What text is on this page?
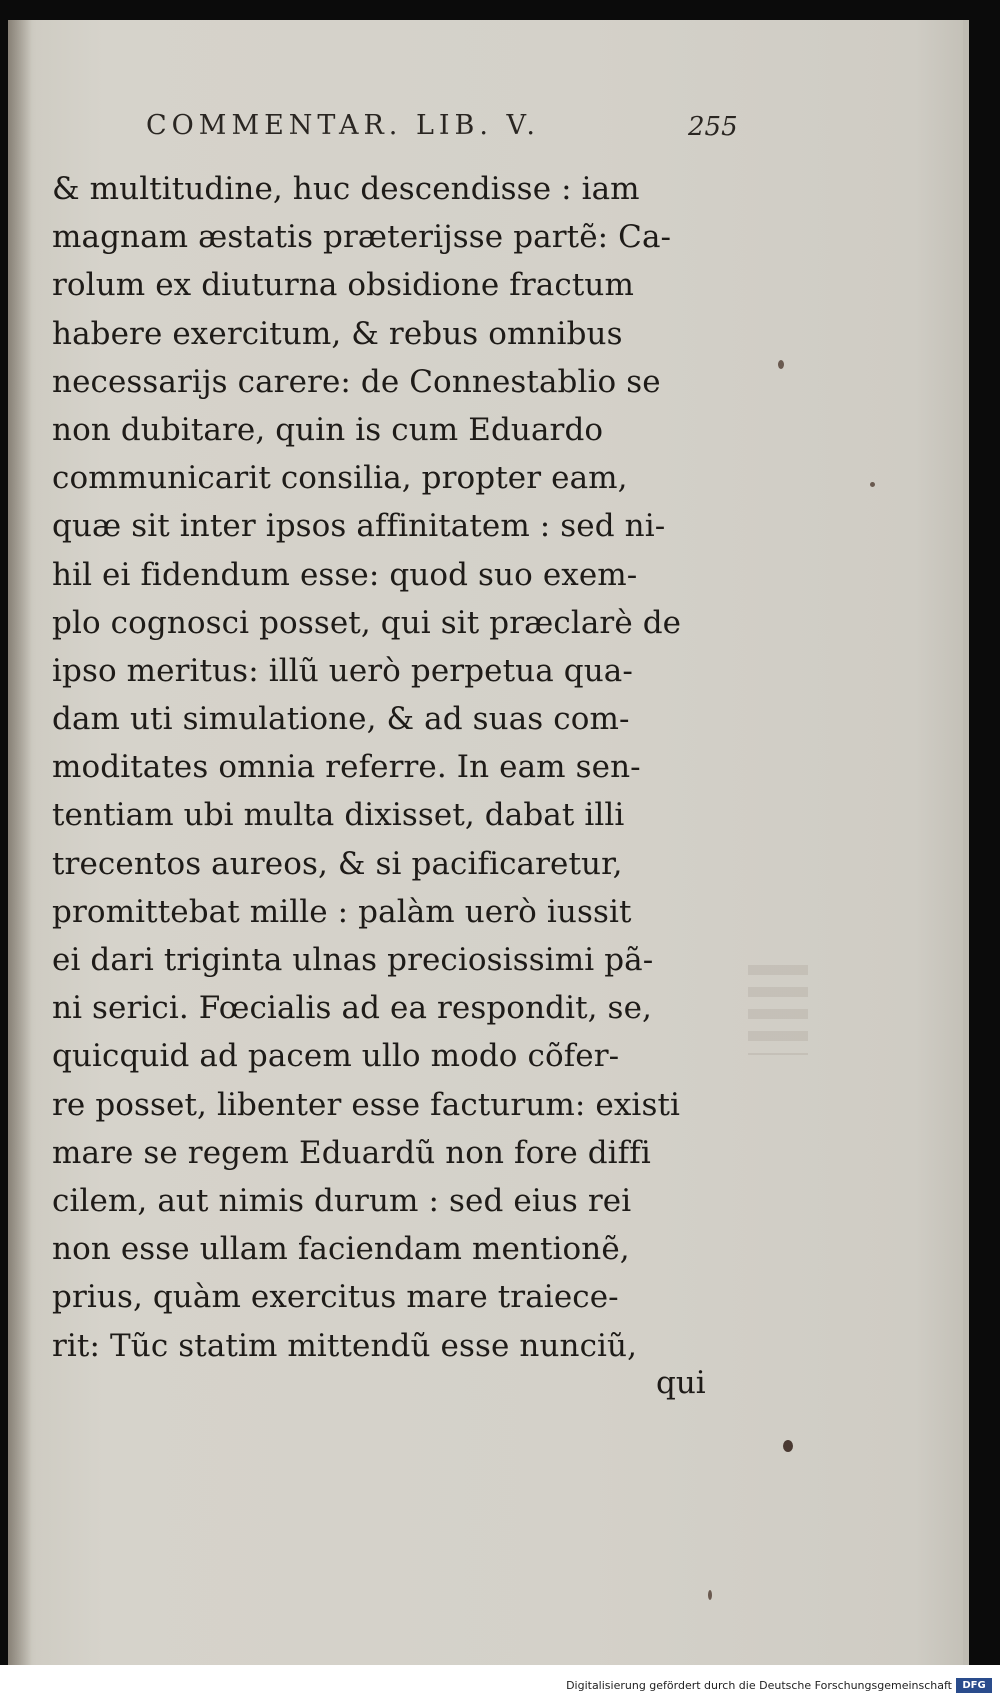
COMMENTAR. LIB. V.	255
& multitudine, huc descendisse : iam
magnam æstatis præterijsse partẽ: Ca-
rolum ex diuturna obsidione fractum
habere exercitum, & rebus omnibus
necessarijs carere: de Connestablio se
non dubitare, quin is cum Eduardo
communicarit consilia, propter eam,
quæ sit inter ipsos affinitatem : sed ni-
hil ei fidendum esse: quod suo exem-
plo cognosci posset, qui sit præclarè de
ipso meritus: illũ uerò perpetua qua-
dam uti simulatione, & ad suas com-
moditates omnia referre. In eam sen-
tentiam ubi multa dixisset, dabat illi
trecentos aureos, & si pacificaretur,
promittebat mille : palàm uerò iussit
ei dari triginta ulnas preciosissimi pã-
ni serici. Fœcialis ad ea respondit, se,
quicquid ad pacem ullo modo cõfer-
re posset, libenter esse facturum: existi
mare se regem Eduardũ non fore diffi
cilem, aut nimis durum : sed eius rei
non esse ullam faciendam mentionẽ,
prius, quàm exercitus mare traiece-
rit: Tũc statim mittendũ esse nunciũ,
qui
Digitalisierung gefördert durch die Deutsche Forschungsgemeinschaft	DFG
